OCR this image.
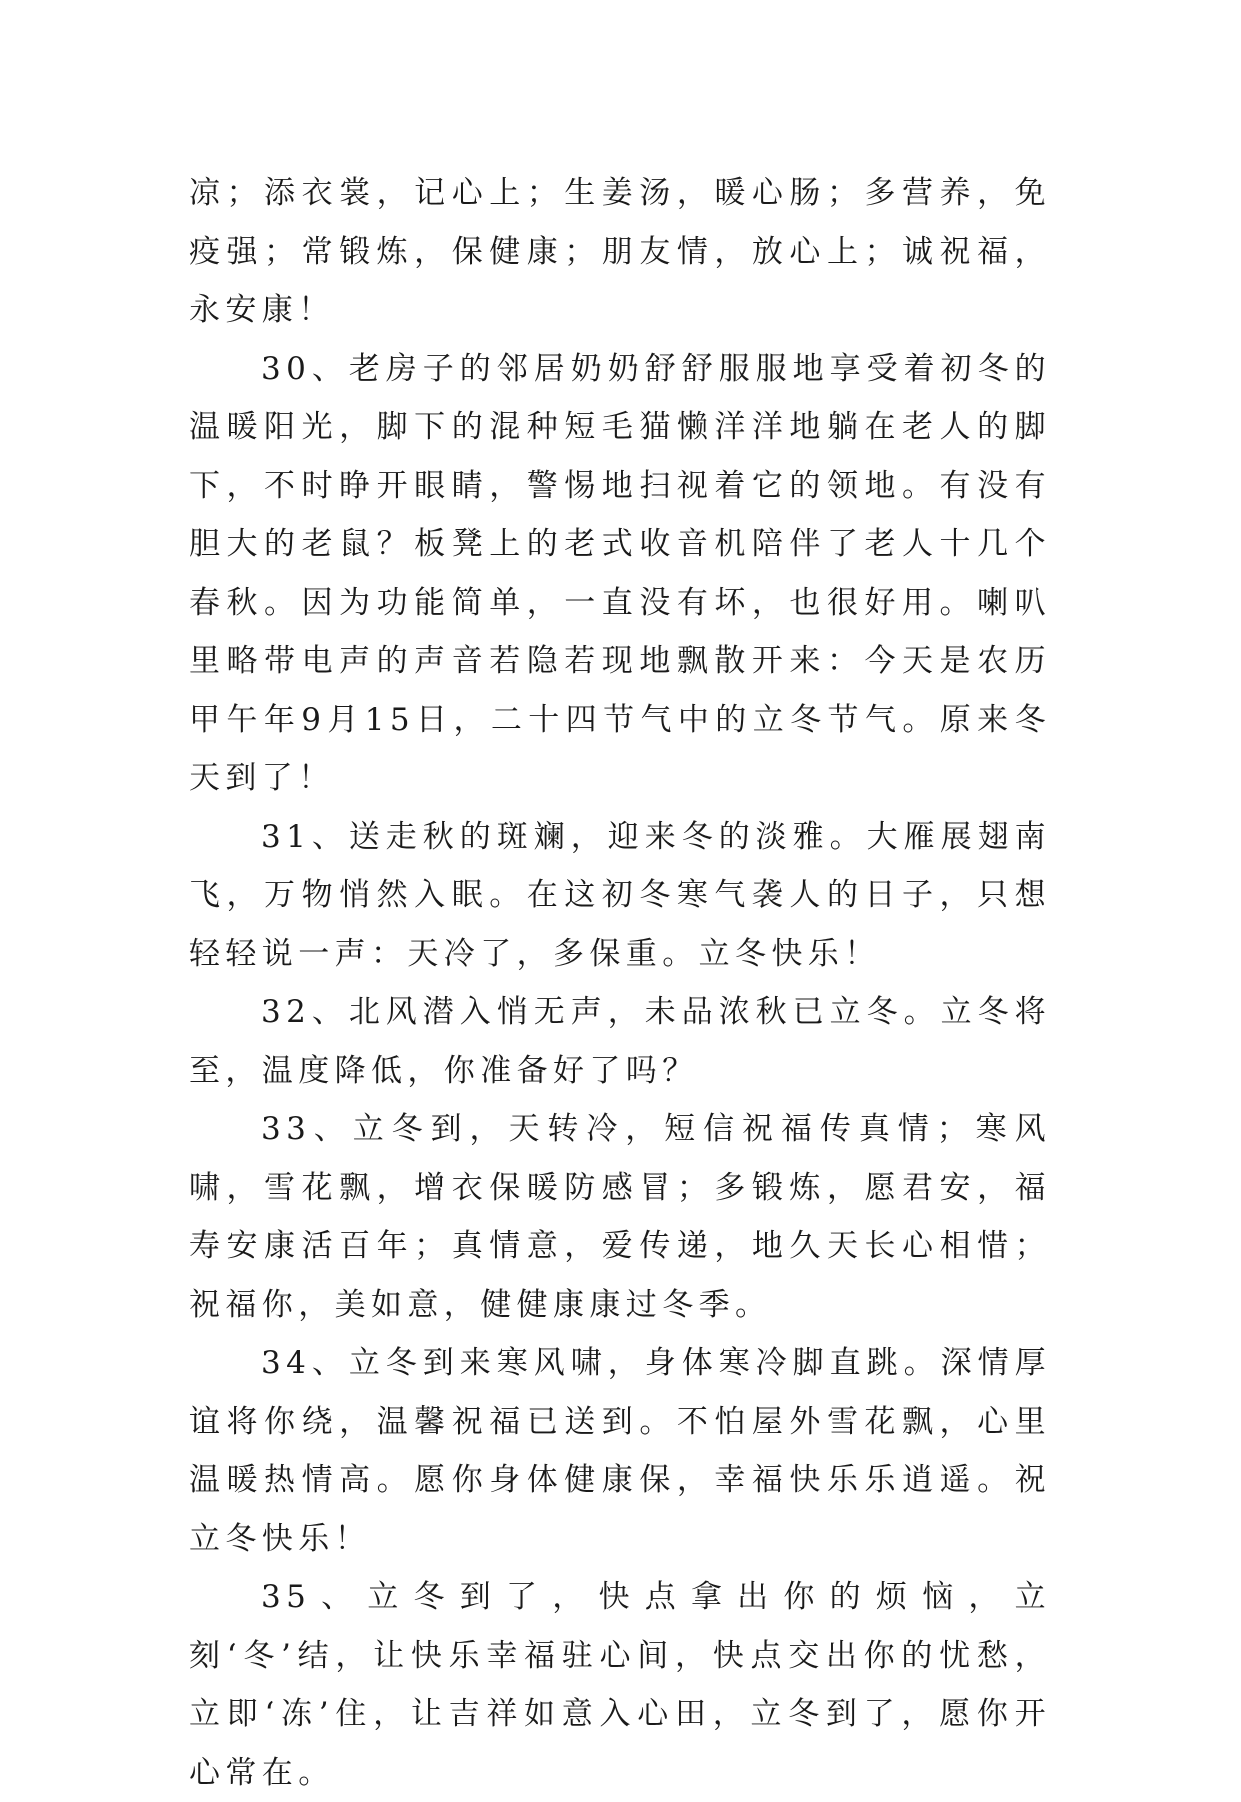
凉；添衣裳，记心上；生姜汤，暖心肠；多营养，免疫强；常锻炼，保健康；朋友情，放心上；诚祝福，永安康！

30、老房子的邻居奶奶舒舒服服地享受着初冬的温暖阳光，脚下的混种短毛猫懒洋洋地躺在老人的脚下，不时睁开眼睛，警惕地扫视着它的领地。有没有胆大的老鼠？板凳上的老式收音机陪伴了老人十几个春秋。因为功能简单，一直没有坏，也很好用。喇叭里略带电声的声音若隐若现地飘散开来：今天是农历甲午年9月15日，二十四节气中的立冬节气。原来冬天到了！

31、送走秋的斑斓，迎来冬的淡雅。大雁展翅南飞，万物悄然入眠。在这初冬寒气袭人的日子，只想轻轻说一声：天冷了，多保重。立冬快乐！

32、北风潜入悄无声，未品浓秋已立冬。立冬将至，温度降低，你准备好了吗？

33、立冬到，天转冷，短信祝福传真情；寒风啸，雪花飘，增衣保暖防感冒；多锻炼，愿君安，福寿安康活百年；真情意，爱传递，地久天长心相惜；祝福你，美如意，健健康康过冬季。

34、立冬到来寒风啸，身体寒冷脚直跳。深情厚谊将你绕，温馨祝福已送到。不怕屋外雪花飘，心里温暖热情高。愿你身体健康保，幸福快乐乐逍遥。祝立冬快乐！

35、立冬到了，快点拿出你的烦恼，立刻‘冬’结，让快乐幸福驻心间，快点交出你的忧愁，立即‘冻’住，让吉祥如意入心田，立冬到了，愿你开心常在。
